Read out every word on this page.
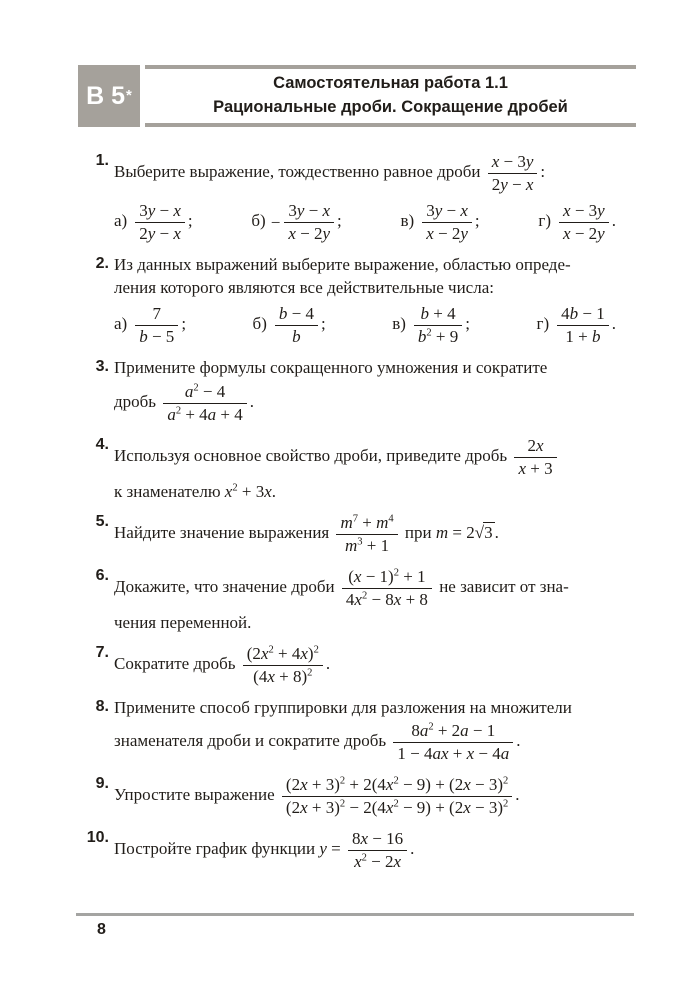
В 5 *
Самостоятельная работа 1.1
Рациональные дроби. Сокращение дробей
1.
Выберите выражение, тождественно равное дроби $\frac{x - 3y}{2y - x}$ :
$а) \frac{3y - x}{2y - x}$ ;	$б) - \frac{3y - x}{x - 2y}$ ;	$в) \frac{3y - x}{x - 2y}$ ;	$г) \frac{x - 3y}{x - 2y}$ .
2. Из данных выражений выберите выражение, областью опреде-
ления которого являются все действительные числа:
$а) \frac{7}{b - 5}$ ;	$б) \frac{b - 4}{b}$ ;	$в) \frac{b + 4}{b^2 + 9}$ ;	$г) \frac{4b - 1}{1 + b}$ .
3. Примените формулы сокращенного умножения и сократите
дробь $\frac{a^2 - 4}{a^2 + 4a + 4}$ .
4.
Используя основное свойство дроби, приведите дробь $\frac{2x}{x + 3}$

к знаменателю $x^2 + 3x$.
5.
Найдите значение выражения $\frac{m^7 + m^4}{m^3 + 1}$ при m = 2√3 .
6.
Докажите, что значение дроби $\frac{(x - 1)^2 + 1}{4x^2 - 8x + 8}$ не зависит от зна-
чения переменной.
7.
Сократите дробь $\frac{(2x^2 + 4x)^2}{(4x + 8)^2}$ .
8. Примените способ группировки для разложения на множители
знаменателя дроби и сократите дробь $\frac{8a^2 + 2a - 1}{1 - 4ax + x - 4a}$ .
9.
Упростите выражение $\frac{(2x + 3)^2 + 2(4x^2 - 9) + (2x - 3)^2}{(2x + 3)^2 - 2(4x^2 - 9) + (2x - 3)^2}$ .
10.
Постройте график функции $y = \frac{8x - 16}{x^2 - 2x}$ .
8
